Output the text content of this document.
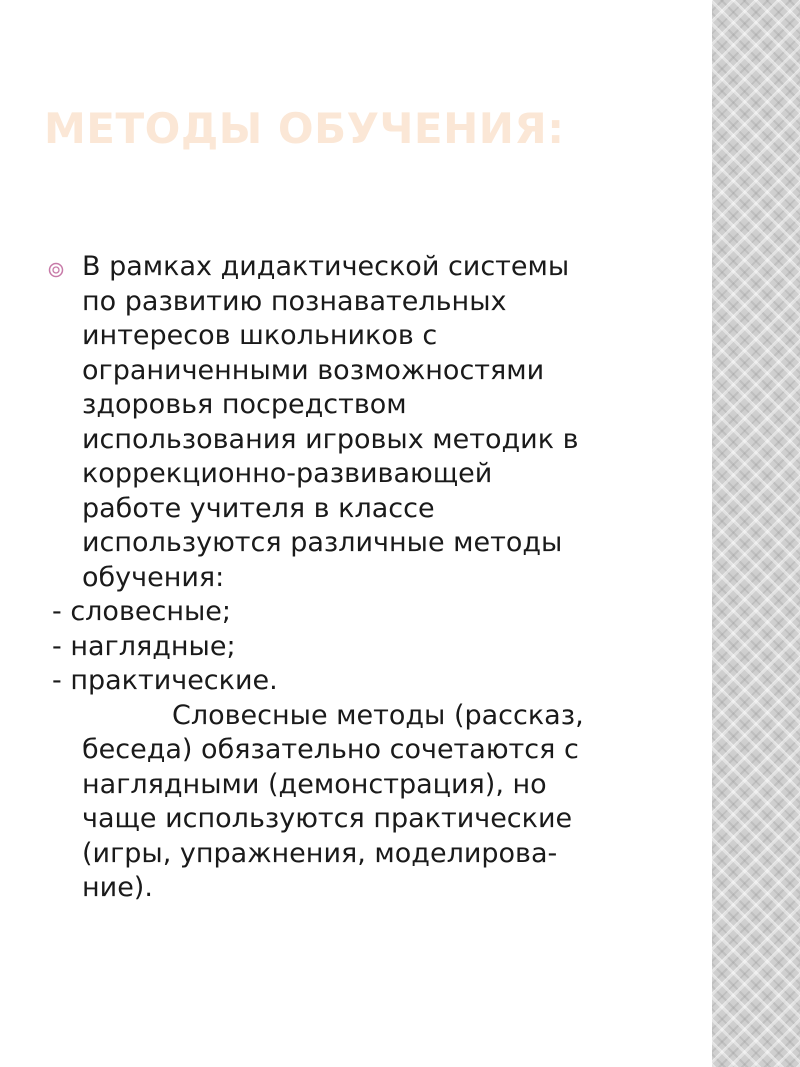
МЕТОДЫ ОБУЧЕНИЯ:
В рамках дидактической системы
по развитию познавательных
интересов школьников с
ограниченными возможностями
здоровья посредством
использования игровых методик в
коррекционно-развивающей
работе учителя в классе
используются различные методы
обучения:
- словесные;
- наглядные;
- практические.
Словесные методы (рассказ,
беседа) обязательно сочетаются с
наглядными (демонстрация), но
чаще используются практические
(игры, упражнения, моделирова-
ние).
